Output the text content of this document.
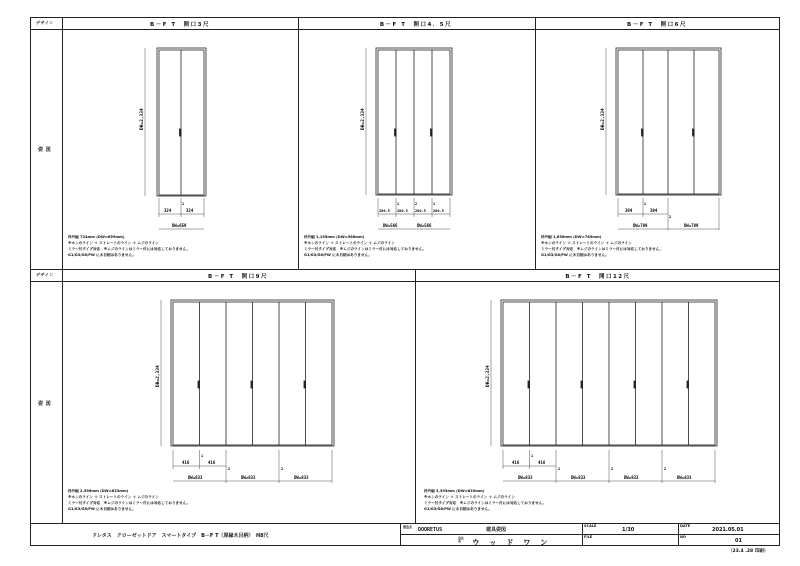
デザイン
姿 図
デザイン
姿 図
B－F T　開口3尺	B－F T　開口4．5尺	B－F T　開口6尺
B－F T　開口9尺	B－F T　開口12尺
DH=2,334
324	324
1
DW=659
DH=2,334
280.5 280.5 280.5 280.5
1	2	1
DW=566	DW=566
DH=2,334
394	394
1
2
DW=789	DW=789
DH=2,334
416	416
1
2	2
DW=833	DW=833	DW=833
DH=2,334
416	416
1
2	2	2
DW=833	DW=833	DW=833	DW=833
枠外幅 724mm (DW=659mm)
※ホンのライン ＋ ストレートのライン ＋ ムジのライン
ミラー付タイプ対応　※ムジのラインはミラー付には対応しておりません。
G1/G3/G8/PW に木目柄はありません。
枠外幅 1,195mm (DW=566mm)
※ホンのライン ＋ ストレートのライン ＋ ムジのライン
ミラー付タイプ対応　※ムジのラインはミラー付には対応しておりません。
G1/G3/G8/PW に木目柄はありません。
枠外幅 1,636mm (DW=789mm)
※ホンのライン ＋ ストレートのライン ＋ ムジのライン
ミラー付タイプ対応　※ムジのラインはミラー付には対応しておりません。
G1/G3/G8/PW に木目柄はありません。
枠外幅 2,556mm (DW=833mm)
※ホンのライン ＋ ストレートのライン ＋ ムジのライン
ミラー付タイプ対応　※ムジのラインはミラー付には対応しておりません。
G1/G3/G8/PW に木目柄はありません。
枠外幅 3,393mm (DW=833mm)
※ホンのライン ＋ ストレートのライン ＋ ムジのライン
ミラー付タイプ対応　※ムジのラインはミラー付には対応しておりません。
G1/G3/G8/PW に木目柄はありません。
ドレタス　クローゼットドア　スマートタイプ　B－F T（厚縁木目柄）　H8尺
製造者 DOORETUS	建具姿図
会社名	ウ　ッ　ド　ワ　ン
SCALE
1/30
FILE
DATE
2021.05.01
NO
01
（23.4 .28 印刷）
